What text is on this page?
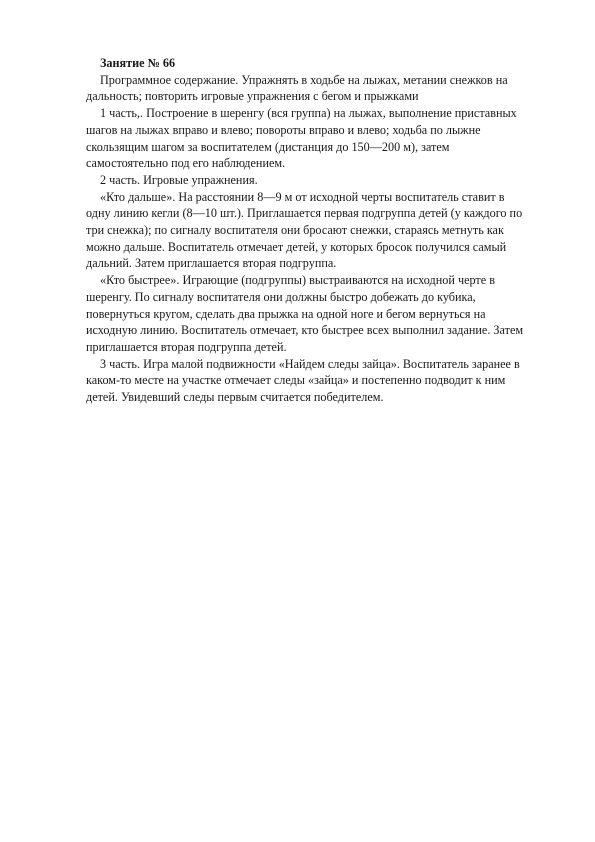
Занятие № 66

Программное содержание. Упражнять в ходьбе на лыжах, метании снежков на дальность; повторить игровые упражнения с бегом и прыжками

1 часть,. Построение в шеренгу (вся группа) на лыжах, выполнение приставных шагов на лыжах вправо и влево; повороты вправо и влево; ходьба по лыжне скользящим шагом за воспитателем (дистанция до 150—200 м), затем самостоятельно под его наблюдением.

2 часть. Игровые упражнения.

«Кто дальше». На расстоянии 8—9 м от исходной черты воспитатель ставит в одну линию кегли (8—10 шт.). Приглашается первая подгруппа детей (у каждого по три снежка); по сигналу воспитателя они бросают снежки, стараясь метнуть как можно дальше. Воспитатель отмечает детей, у которых бросок получился самый дальний. Затем приглашается вторая подгруппа.

«Кто быстрее». Играющие (подгруппы) выстраиваются на исходной черте в шеренгу. По сигналу воспитателя они должны быстро добежать до кубика, повернуться кругом, сделать два прыжка на одной ноге и бегом вернуться на исходную линию. Воспитатель отмечает, кто быстрее всех выполнил задание. Затем приглашается вторая подгруппа детей.

3 часть. Игра малой подвижности «Найдем следы зайца». Воспитатель заранее в каком-то месте на участке отмечает следы «зайца» и постепенно подводит к ним детей. Увидевший следы первым считается победителем.
